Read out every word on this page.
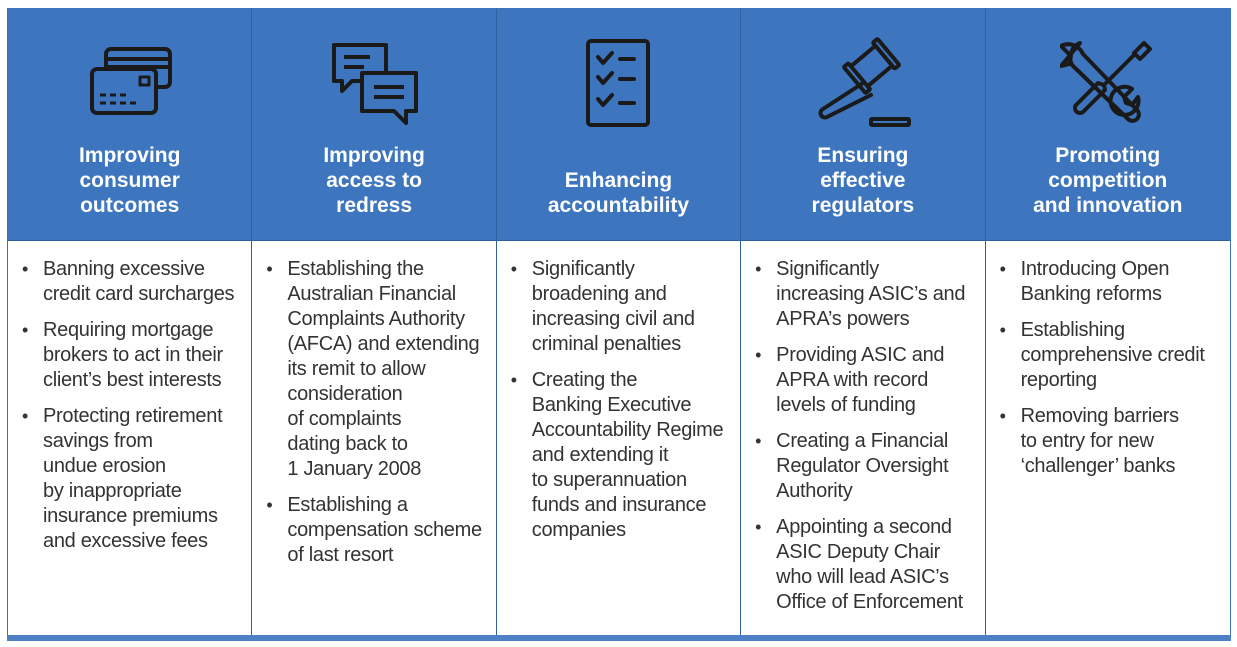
Improving
consumer
outcomes
• Banning excessive
credit card surcharges
• Requiring mortgage
brokers to act in their
client’s best interests
• Protecting retirement
savings from
undue erosion
by inappropriate
insurance premiums
and excessive fees
Improving
access to
redress
• Establishing the
Australian Financial
Complaints Authority
(AFCA) and extending
its remit to allow
consideration
of complaints
dating back to
1 January 2008
• Establishing a
compensation scheme
of last resort
Enhancing
accountability
• Significantly
broadening and
increasing civil and
criminal penalties
• Creating the
Banking Executive
Accountability Regime
and extending it
to superannuation
funds and insurance
companies
Ensuring
effective
regulators
• Significantly
increasing ASIC’s and
APRA’s powers
• Providing ASIC and
APRA with record
levels of funding
• Creating a Financial
Regulator Oversight
Authority
• Appointing a second
ASIC Deputy Chair
who will lead ASIC’s
Office of Enforcement
Promoting
competition
and innovation
• Introducing Open
Banking reforms
• Establishing
comprehensive credit
reporting
• Removing barriers
to entry for new
‘challenger’ banks
